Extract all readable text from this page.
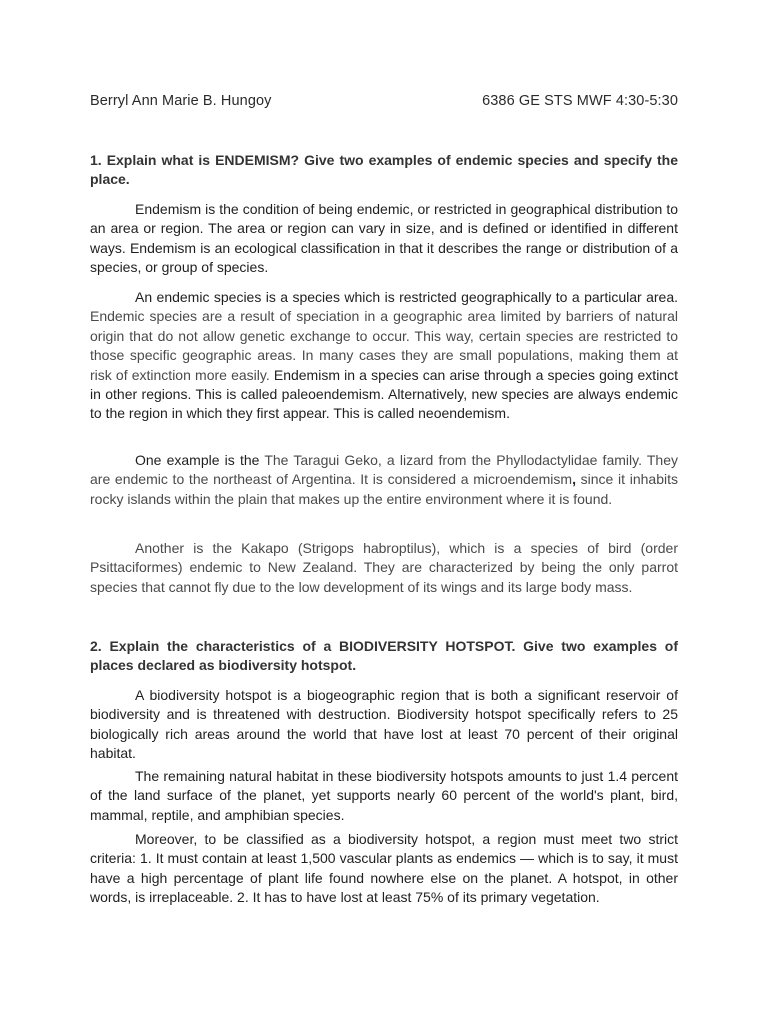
Berryl Ann Marie B. Hungoy	6386 GE STS MWF 4:30-5:30

1. Explain what is ENDEMISM? Give two examples of endemic species and specify the place.

Endemism is the condition of being endemic, or restricted in geographical distribution to an area or region. The area or region can vary in size, and is defined or identified in different ways. Endemism is an ecological classification in that it describes the range or distribution of a species, or group of species.

An endemic species is a species which is restricted geographically to a particular area. Endemic species are a result of speciation in a geographic area limited by barriers of natural origin that do not allow genetic exchange to occur. This way, certain species are restricted to those specific geographic areas. In many cases they are small populations, making them at risk of extinction more easily. Endemism in a species can arise through a species going extinct in other regions. This is called paleoendemism. Alternatively, new species are always endemic to the region in which they first appear. This is called neoendemism.

One example is the The Taragui Geko, a lizard from the Phyllodactylidae family. They are endemic to the northeast of Argentina. It is considered a microendemism, since it inhabits rocky islands within the plain that makes up the entire environment where it is found.

Another is the Kakapo (Strigops habroptilus), which is a species of bird (order Psittaciformes) endemic to New Zealand. They are characterized by being the only parrot species that cannot fly due to the low development of its wings and its large body mass.

2. Explain the characteristics of a BIODIVERSITY HOTSPOT. Give two examples of places declared as biodiversity hotspot.

A biodiversity hotspot is a biogeographic region that is both a significant reservoir of biodiversity and is threatened with destruction. Biodiversity hotspot specifically refers to 25 biologically rich areas around the world that have lost at least 70 percent of their original habitat.

The remaining natural habitat in these biodiversity hotspots amounts to just 1.4 percent of the land surface of the planet, yet supports nearly 60 percent of the world's plant, bird, mammal, reptile, and amphibian species.

Moreover, to be classified as a biodiversity hotspot, a region must meet two strict criteria: 1. It must contain at least 1,500 vascular plants as endemics — which is to say, it must have a high percentage of plant life found nowhere else on the planet. A hotspot, in other words, is irreplaceable. 2. It has to have lost at least 75% of its primary vegetation.
